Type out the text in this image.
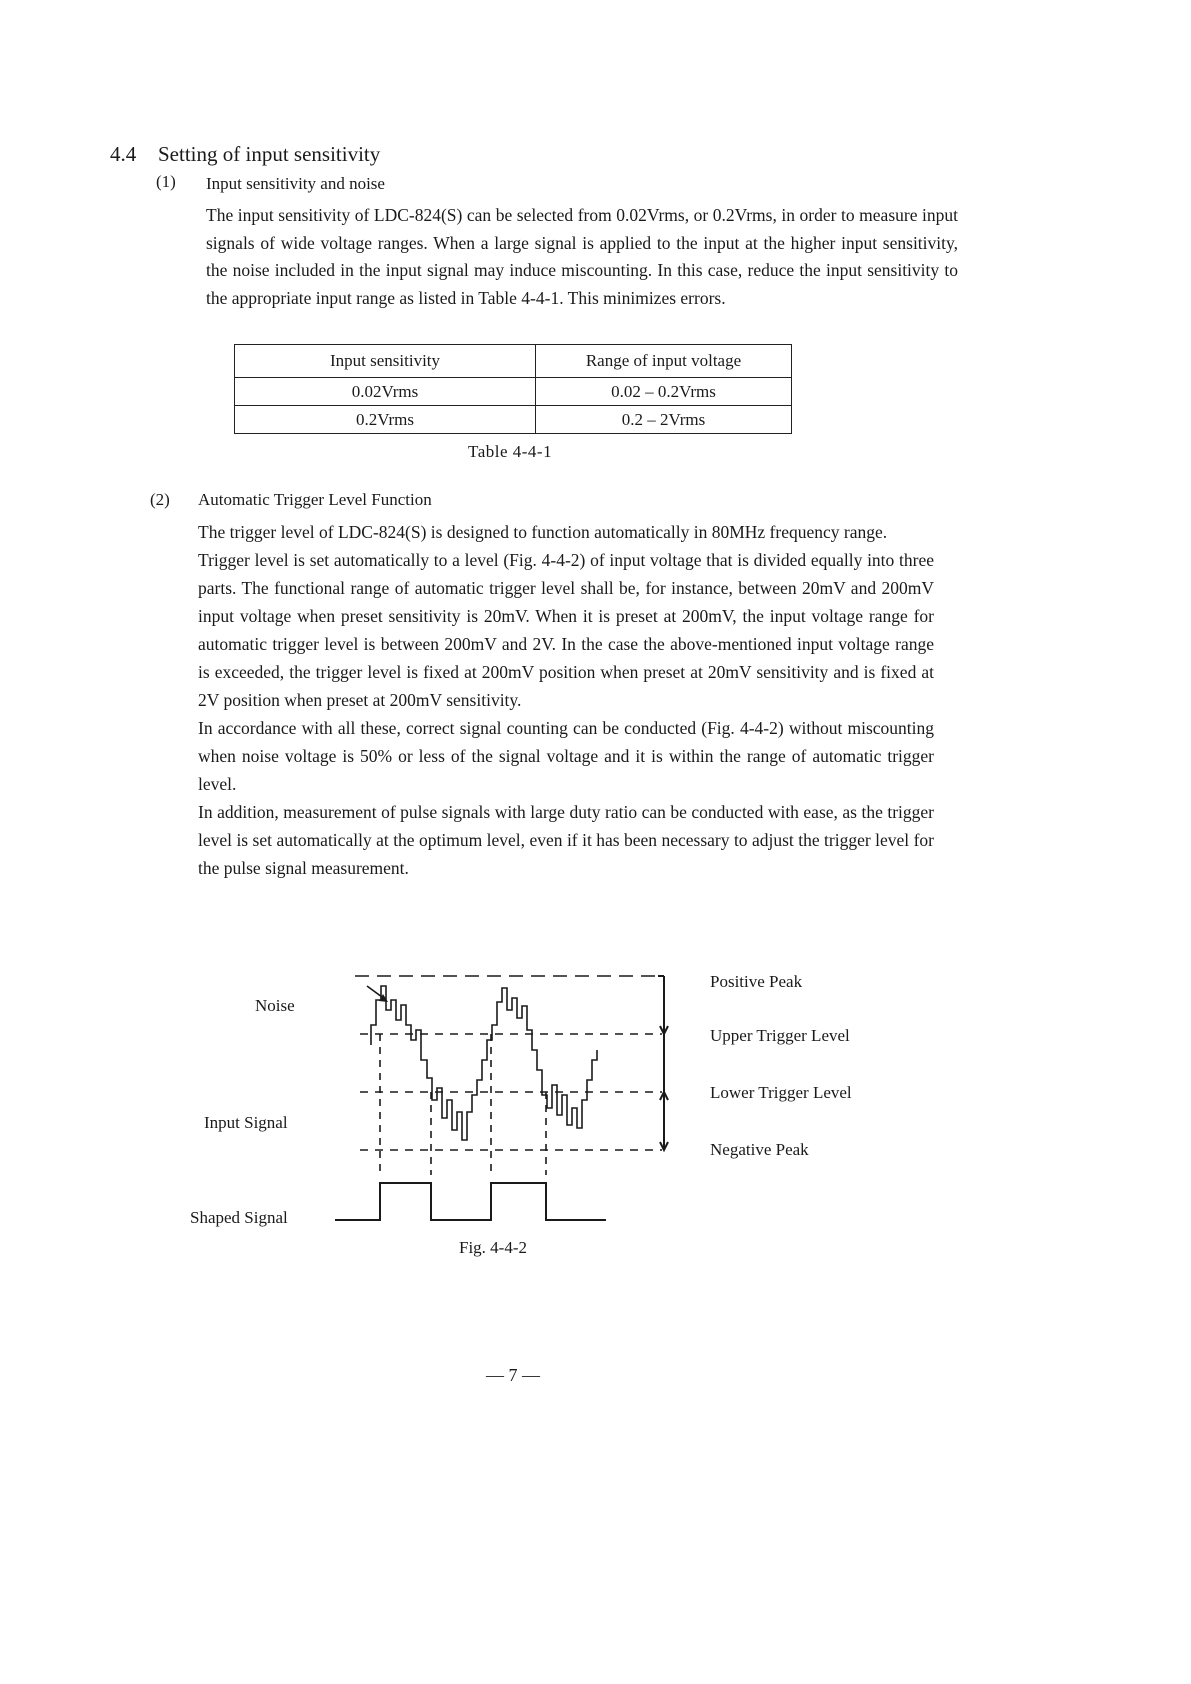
4.4 Setting of input sensitivity
(1) Input sensitivity and noise
The input sensitivity of LDC-824(S) can be selected from 0.02Vrms, or 0.2Vrms, in order to measure input signals of wide voltage ranges. When a large signal is applied to the input at the higher input sensitivity, the noise included in the input signal may induce miscounting. In this case, reduce the input sensitivity to the appropriate input range as listed in Table 4-4-1. This minimizes errors.
Input sensitivity	Range of input voltage
0.02Vrms	0.02 – 0.2Vrms
0.2Vrms	0.2 – 2Vrms
Table 4-4-1
(2) Automatic Trigger Level Function

The trigger level of LDC-824(S) is designed to function automatically in 80MHz frequency range.

Trigger level is set automatically to a level (Fig. 4-4-2) of input voltage that is divided equally into three parts. The functional range of automatic trigger level shall be, for instance, between 20mV and 200mV input voltage when preset sensitivity is 20mV. When it is preset at 200mV, the input voltage range for automatic trigger level is between 200mV and 2V. In the case the above-mentioned input voltage range is exceeded, the trigger level is fixed at 200mV position when preset at 20mV sensitivity and is fixed at 2V position when preset at 200mV sensitivity.

In accordance with all these, correct signal counting can be conducted (Fig. 4-4-2) without miscounting when noise voltage is 50% or less of the signal voltage and it is within the range of automatic trigger level.

In addition, measurement of pulse signals with large duty ratio can be conducted with ease, as the trigger level is set automatically at the optimum level, even if it has been necessary to adjust the trigger level for the pulse signal measurement.

Noise
Input Signal
Shaped Signal
Positive Peak
Upper Trigger Level
Lower Trigger Level
Negative Peak
Fig. 4-4-2
— 7 —
